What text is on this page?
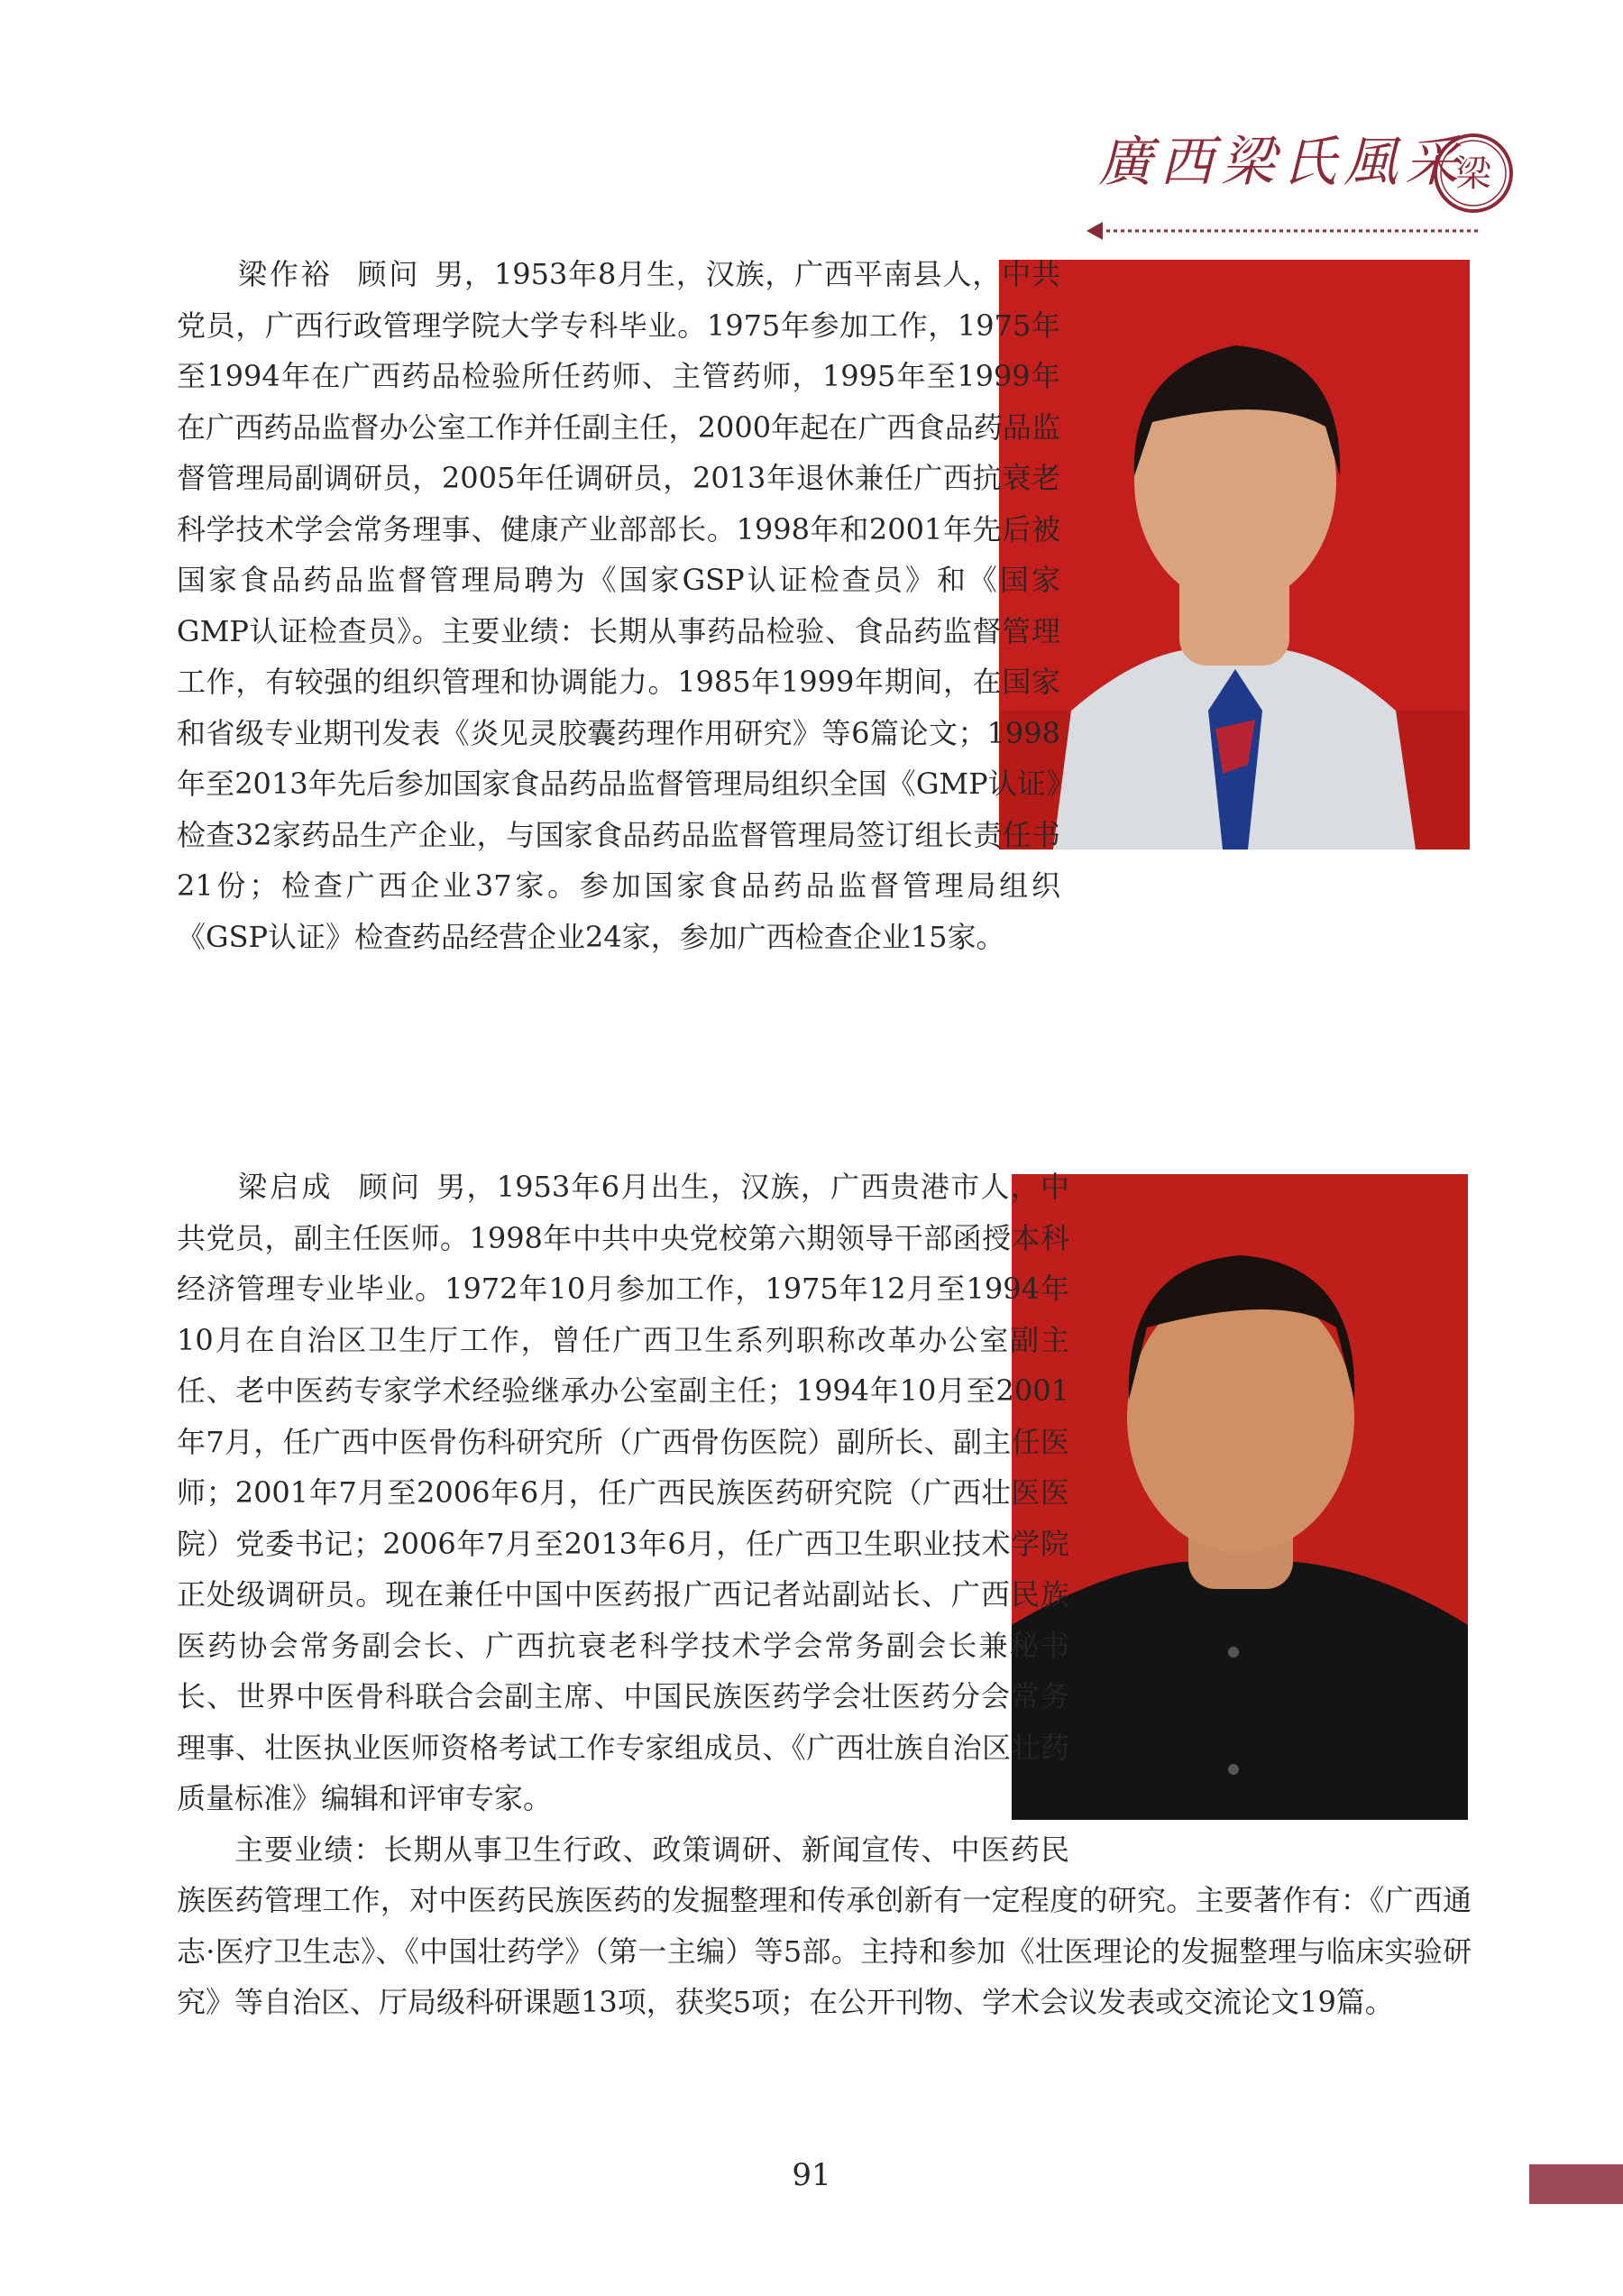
廣西梁氏風采
梁

梁作裕 顾问 男，1953年8月生，汉族，广西平南县人，中共党员，广西行政管理学院大学专科毕业。1975年参加工作，1975年至1994年在广西药品检验所任药师、主管药师，1995年至1999年在广西药品监督办公室工作并任副主任，2000年起在广西食品药品监督管理局副调研员，2005年任调研员，2013年退休兼任广西抗衰老科学技术学会常务理事、健康产业部部长。1998年和2001年先后被国家食品药品监督管理局聘为《国家GSP认证检查员》和《国家GMP认证检查员》。主要业绩：长期从事药品检验、食品药监督管理工作，有较强的组织管理和协调能力。1985年1999年期间，在国家和省级专业期刊发表《炎见灵胶囊药理作用研究》等6篇论文；1998年至2013年先后参加国家食品药品监督管理局组织全国《GMP认证》检查32家药品生产企业，与国家食品药品监督管理局签订组长责任书21份；检查广西企业37家。参加国家食品药品监督管理局组织《GSP认证》检查药品经营企业24家，参加广西检查企业15家。

梁启成 顾问 男，1953年6月出生，汉族，广西贵港市人，中共党员，副主任医师。1998年中共中央党校第六期领导干部函授本科经济管理专业毕业。1972年10月参加工作，1975年12月至1994年10月在自治区卫生厅工作，曾任广西卫生系列职称改革办公室副主任、老中医药专家学术经验继承办公室副主任；1994年10月至2001年7月，任广西中医骨伤科研究所（广西骨伤医院）副所长、副主任医师；2001年7月至2006年6月，任广西民族医药研究院（广西壮医医院）党委书记；2006年7月至2013年6月，任广西卫生职业技术学院正处级调研员。现在兼任中国中医药报广西记者站副站长、广西民族医药协会常务副会长、广西抗衰老科学技术学会常务副会长兼秘书长、世界中医骨科联合会副主席、中国民族医药学会壮医药分会常务理事、壮医执业医师资格考试工作专家组成员、《广西壮族自治区壮药质量标准》编辑和评审专家。

主要业绩：长期从事卫生行政、政策调研、新闻宣传、中医药民族医药管理工作，对中医药民族医药的发掘整理和传承创新有一定程度的研究。主要著作有：《广西通志·医疗卫生志》、《中国壮药学》（第一主编）等5部。主持和参加《壮医理论的发掘整理与临床实验研究》等自治区、厅局级科研课题13项，获奖5项；在公开刊物、学术会议发表或交流论文19篇。

91
